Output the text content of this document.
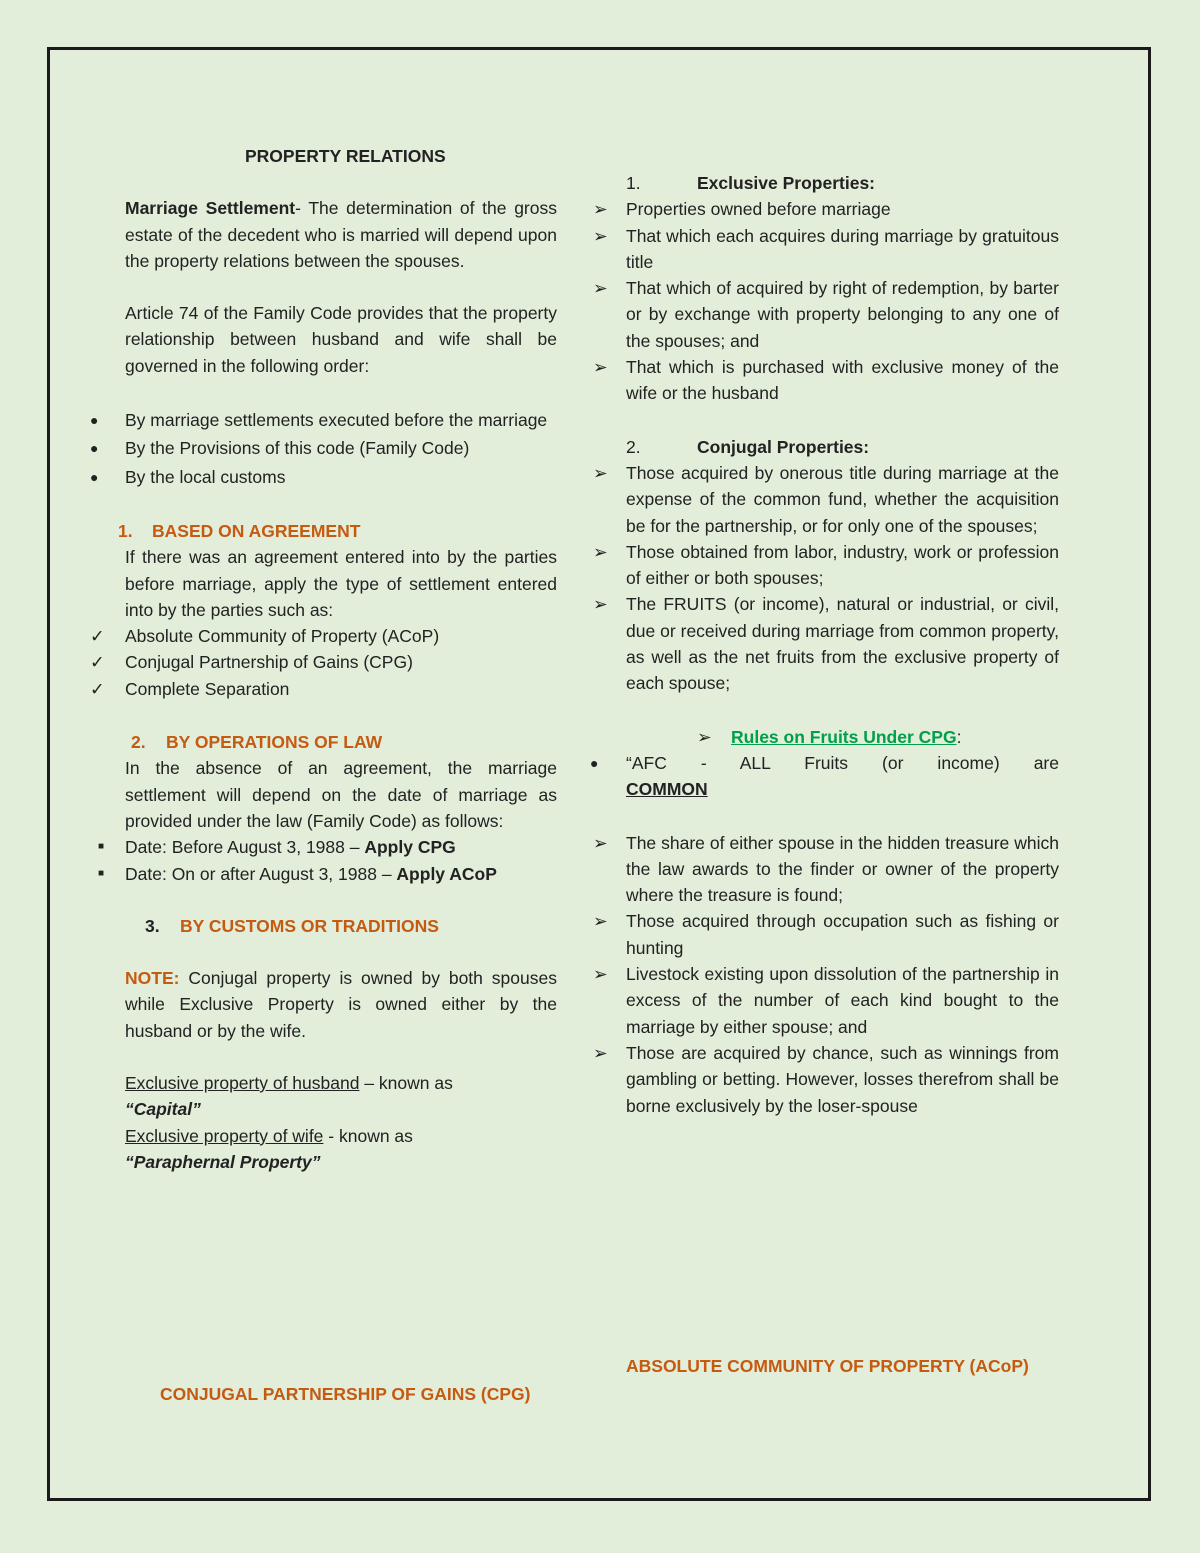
PROPERTY RELATIONS

Marriage Settlement- The determination of the gross estate of the decedent who is married will depend upon the property relations between the spouses.

Article 74 of the Family Code provides that the property relationship between husband and wife shall be governed in the following order:

● By marriage settlements executed before the marriage
● By the Provisions of this code (Family Code)
● By the local customs

1. BASED ON AGREEMENT

If there was an agreement entered into by the parties before marriage, apply the type of settlement entered into by the parties such as:

✓ Absolute Community of Property (ACoP)
✓ Conjugal Partnership of Gains (CPG)
✓ Complete Separation

2. BY OPERATIONS OF LAW

In the absence of an agreement, the marriage settlement will depend on the date of marriage as provided under the law (Family Code) as follows:

■ Date: Before August 3, 1988 – Apply CPG
■ Date: On or after August 3, 1988 – Apply ACoP

3. BY CUSTOMS OR TRADITIONS

NOTE: Conjugal property is owned by both spouses while Exclusive Property is owned either by the husband or by the wife.

Exclusive property of husband – known as

“Capital”

Exclusive property of wife - known as

“Paraphernal Property”

CONJUGAL PARTNERSHIP OF GAINS (CPG)

1.	Exclusive Properties:

➢ Properties owned before marriage
➢ That which each acquires during marriage by gratuitous title
➢ That which of acquired by right of redemption, by barter or by exchange with property belonging to any one of the spouses; and
➢ That which is purchased with exclusive money of the wife or the husband

2.	Conjugal Properties:

➢ Those acquired by onerous title during marriage at the expense of the common fund, whether the acquisition be for the partnership, or for only one of the spouses;
➢ Those obtained from labor, industry, work or profession of either or both spouses;
➢ The FRUITS (or income), natural or industrial, or civil, due or received during marriage from common property, as well as the net fruits from the exclusive property of each spouse;

➢ Rules on Fruits Under CPG:

● “AFC - ALL Fruits (or income) are
COMMON
➢ The share of either spouse in the hidden treasure which the law awards to the finder or owner of the property where the treasure is found;
➢ Those acquired through occupation such as fishing or hunting
➢ Livestock existing upon dissolution of the partnership in excess of the number of each kind bought to the marriage by either spouse; and
➢ Those are acquired by chance, such as winnings from gambling or betting. However, losses therefrom shall be borne exclusively by the loser-spouse
ABSOLUTE COMMUNITY OF PROPERTY (ACoP)
